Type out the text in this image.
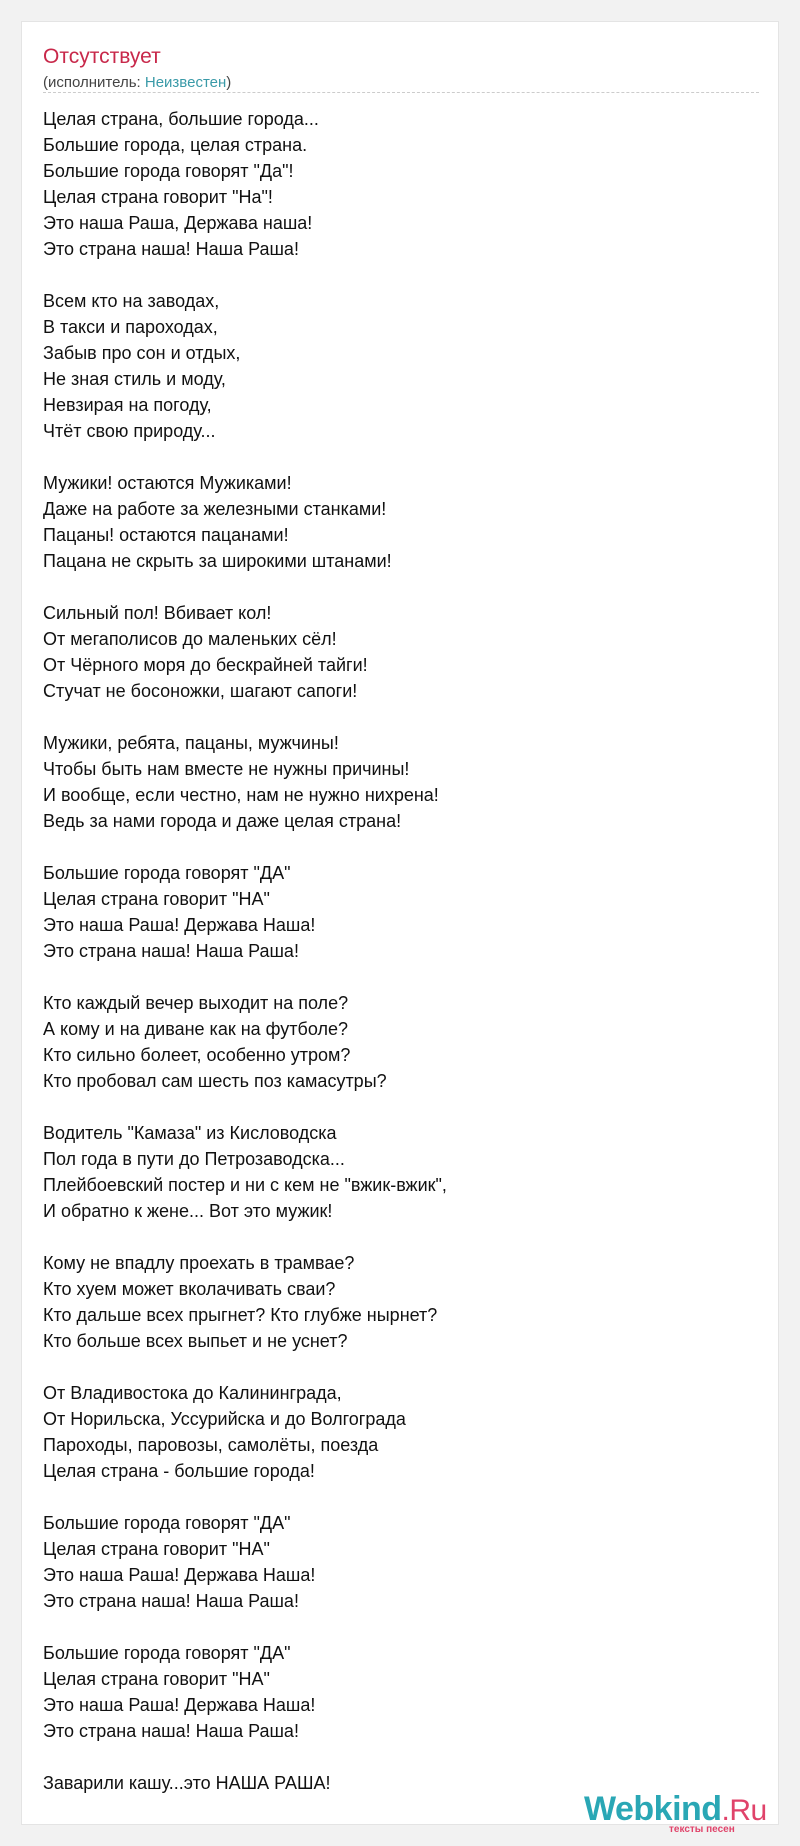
Отсутствует
(исполнитель: Неизвестен)
Целая страна, большие города...
Большие города, целая страна.
Большие города говорят "Да"!
Целая страна говорит "На"!
Это наша Раша, Держава наша!
Это страна наша! Наша Раша!
Всем кто на заводах,
В такси и пароходах,
Забыв про сон и отдых,
Не зная стиль и моду,
Невзирая на погоду,
Чтёт свою природу...
Мужики! остаются Мужиками!
Даже на работе за железными станками!
Пацаны! остаются пацанами!
Пацана не скрыть за широкими штанами!
Сильный пол! Вбивает кол!
От мегаполисов до маленьких сёл!
От Чёрного моря до бескрайней тайги!
Стучат не босоножки, шагают сапоги!
Мужики, ребята, пацаны, мужчины!
Чтобы быть нам вместе не нужны причины!
И вообще, если честно, нам не нужно нихрена!
Ведь за нами города и даже целая страна!
Большие города говорят "ДА"
Целая страна говорит "НА"
Это наша Раша! Держава Наша!
Это страна наша! Наша Раша!
Кто каждый вечер выходит на поле?
А кому и на диване как на футболе?
Кто сильно болеет, особенно утром?
Кто пробовал сам шесть поз камасутры?
Водитель "Камаза" из Кисловодска
Пол года в пути до Петрозаводска...
Плейбоевский постер и ни с кем не "вжик-вжик",
И обратно к жене... Вот это мужик!
Кому не впадлу проехать в трамвае?
Кто хуем может вколачивать сваи?
Кто дальше всех прыгнет? Кто глубже нырнет?
Кто больше всех выпьет и не уснет?
От Владивостока до Калининграда,
От Норильска, Уссурийска и до Волгограда
Пароходы, паровозы, самолёты, поезда
Целая страна - большие города!
Большие города говорят "ДА"
Целая страна говорит "НА"
Это наша Раша! Держава Наша!
Это страна наша! Наша Раша!
Большие города говорят "ДА"
Целая страна говорит "НА"
Это наша Раша! Держава Наша!
Это страна наша! Наша Раша!
Заварили кашу...это НАША РАША!
Webkind.Ru
тексты песен
